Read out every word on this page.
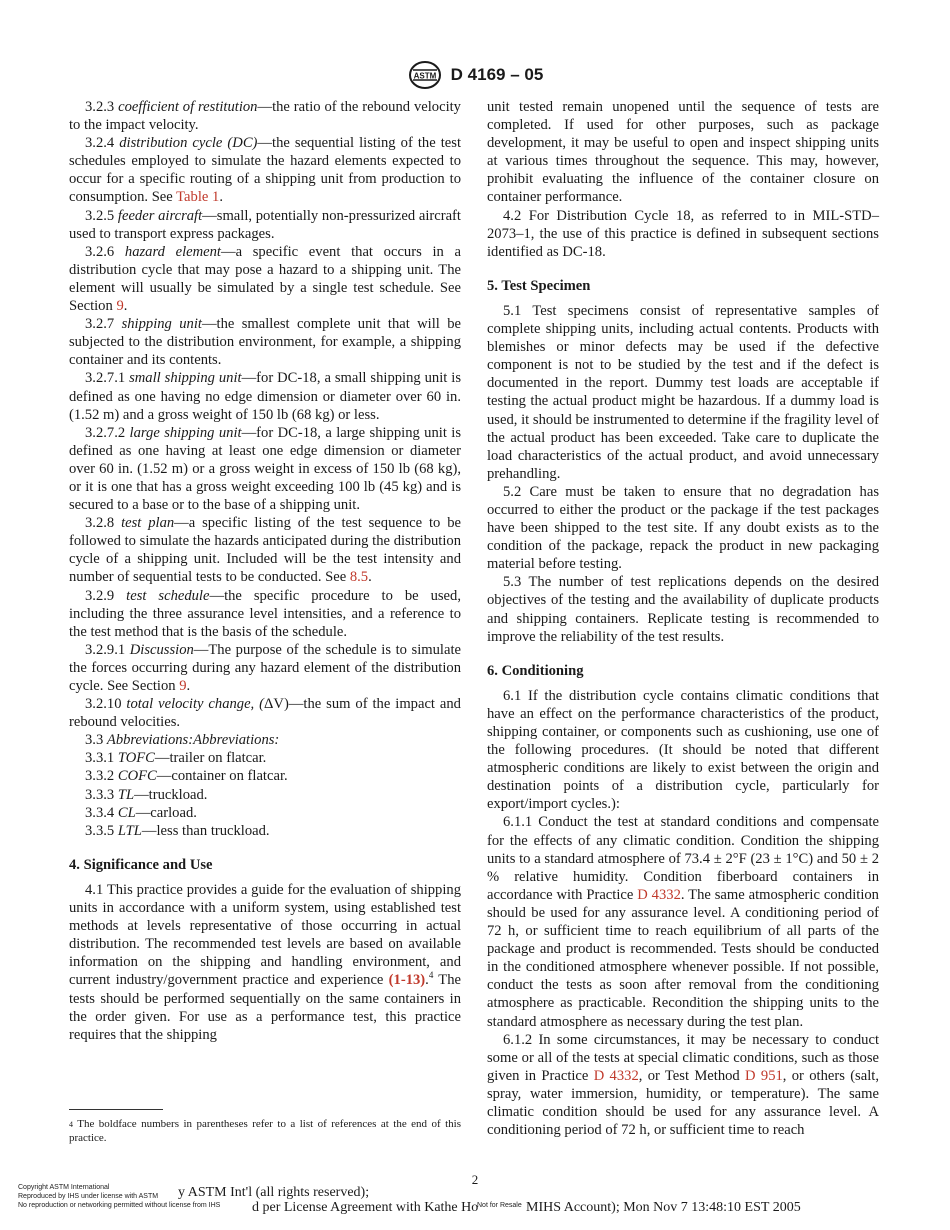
ASTM D 4169 – 05

3.2.3 coefficient of restitution—the ratio of the rebound velocity to the impact velocity.

3.2.4 distribution cycle (DC)—the sequential listing of the test schedules employed to simulate the hazard elements expected to occur for a specific routing of a shipping unit from production to consumption. See Table 1.

3.2.5 feeder aircraft—small, potentially non-pressurized aircraft used to transport express packages.

3.2.6 hazard element—a specific event that occurs in a distribution cycle that may pose a hazard to a shipping unit. The element will usually be simulated by a single test schedule. See Section 9.

3.2.7 shipping unit—the smallest complete unit that will be subjected to the distribution environment, for example, a shipping container and its contents.

3.2.7.1 small shipping unit—for DC-18, a small shipping unit is defined as one having no edge dimension or diameter over 60 in. (1.52 m) and a gross weight of 150 lb (68 kg) or less.

3.2.7.2 large shipping unit—for DC-18, a large shipping unit is defined as one having at least one edge dimension or diameter over 60 in. (1.52 m) or a gross weight in excess of 150 lb (68 kg), or it is one that has a gross weight exceeding 100 lb (45 kg) and is secured to a base or to the base of a shipping unit.

3.2.8 test plan—a specific listing of the test sequence to be followed to simulate the hazards anticipated during the distribution cycle of a shipping unit. Included will be the test intensity and number of sequential tests to be conducted. See 8.5.

3.2.9 test schedule—the specific procedure to be used, including the three assurance level intensities, and a reference to the test method that is the basis of the schedule.

3.2.9.1 Discussion—The purpose of the schedule is to simulate the forces occurring during any hazard element of the distribution cycle. See Section 9.

3.2.10 total velocity change, (ΔV)—the sum of the impact and rebound velocities.

3.3 Abbreviations:Abbreviations:

3.3.1 TOFC—trailer on flatcar.

3.3.2 COFC—container on flatcar.

3.3.3 TL—truckload.

3.3.4 CL—carload.

3.3.5 LTL—less than truckload.

4. Significance and Use

4.1 This practice provides a guide for the evaluation of shipping units in accordance with a uniform system, using established test methods at levels representative of those occurring in actual distribution. The recommended test levels are based on available information on the shipping and handling environment, and current industry/government practice and experience (1-13).$^4$ The tests should be performed sequentially on the same containers in the order given. For use as a performance test, this practice requires that the shipping

unit tested remain unopened until the sequence of tests are completed. If used for other purposes, such as package development, it may be useful to open and inspect shipping units at various times throughout the sequence. This may, however, prohibit evaluating the influence of the container closure on container performance.

4.2 For Distribution Cycle 18, as referred to in MIL-STD–2073–1, the use of this practice is defined in subsequent sections identified as DC-18.

5. Test Specimen

5.1 Test specimens consist of representative samples of complete shipping units, including actual contents. Products with blemishes or minor defects may be used if the defective component is not to be studied by the test and if the defect is documented in the report. Dummy test loads are acceptable if testing the actual product might be hazardous. If a dummy load is used, it should be instrumented to determine if the fragility level of the actual product has been exceeded. Take care to duplicate the load characteristics of the actual product, and avoid unnecessary prehandling.

5.2 Care must be taken to ensure that no degradation has occurred to either the product or the package if the test packages have been shipped to the test site. If any doubt exists as to the condition of the package, repack the product in new packaging material before testing.

5.3 The number of test replications depends on the desired objectives of the testing and the availability of duplicate products and shipping containers. Replicate testing is recommended to improve the reliability of the test results.

6. Conditioning

6.1 If the distribution cycle contains climatic conditions that have an effect on the performance characteristics of the product, shipping container, or components such as cushioning, use one of the following procedures. (It should be noted that different atmospheric conditions are likely to exist between the origin and destination points of a distribution cycle, particularly for export/import cycles.):

6.1.1 Conduct the test at standard conditions and compensate for the effects of any climatic condition. Condition the shipping units to a standard atmosphere of 73.4 ± 2°F (23 ± 1°C) and 50 ± 2 % relative humidity. Condition fiberboard containers in accordance with Practice D 4332. The same atmospheric condition should be used for any assurance level. A conditioning period of 72 h, or sufficient time to reach equilibrium of all parts of the package and product is recommended. Tests should be conducted in the conditioned atmosphere whenever possible. If not possible, conduct the tests as soon after removal from the conditioning atmosphere as practicable. Recondition the shipping units to the standard atmosphere as necessary during the test plan.

6.1.2 In some circumstances, it may be necessary to conduct some or all of the tests at special climatic conditions, such as those given in Practice D 4332, or Test Method D 951, or others (salt, spray, water immersion, humidity, or temperature). The same climatic condition should be used for any assurance level. A conditioning period of 72 h, or sufficient time to reach

$^4$ The boldface numbers in parentheses refer to a list of references at the end of this practice.
2
Copyright ASTM International
Reproduced by IHS under license with ASTM
No reproduction or networking permitted without license from IHS
y ASTM Int'l (all rights reserved);
d per License Agreement with Kathe Ho
Not for Resale MIHS Account); Mon Nov 7 13:48:10 EST 2005
